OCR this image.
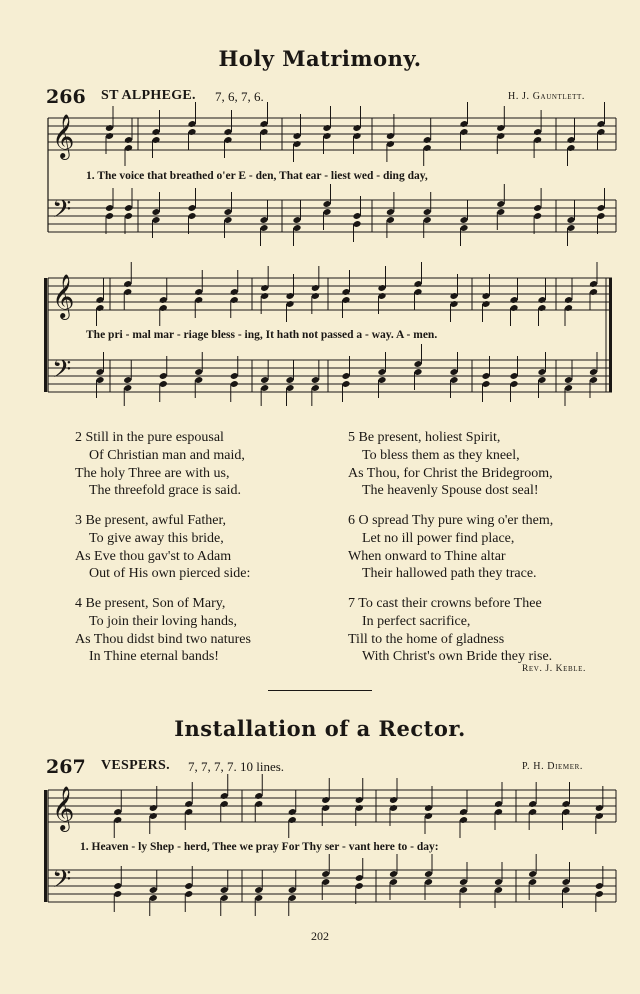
Holy Matrimony.
266 ST ALPHEGE. 7, 6, 7, 6.	H. J. Gauntlett.
𝄞
𝄢
𝄞
𝄢
𝄞
𝄢
1. The voice that breathed o'er E - den, That ear - liest wed - ding day,
The pri - mal mar - riage bless - ing, It hath not passed a - way. A - men.
2 Still in the pure espousal
Of Christian man and maid,
The holy Three are with us,
The threefold grace is said.
3 Be present, awful Father,
To give away this bride,
As Eve thou gav'st to Adam
Out of His own pierced side:
4 Be present, Son of Mary,
To join their loving hands,
As Thou didst bind two natures
In Thine eternal bands!
5 Be present, holiest Spirit,
To bless them as they kneel,
As Thou, for Christ the Bridegroom,
The heavenly Spouse dost seal!
6 O spread Thy pure wing o'er them,
Let no ill power find place,
When onward to Thine altar
Their hallowed path they trace.
7 To cast their crowns before Thee
In perfect sacrifice,
Till to the home of gladness
With Christ's own Bride they rise.
Rev. J. Keble.
Installation of a Rector.
267 VESPERS. 7, 7, 7, 7. 10 lines.	P. H. Diemer.
1. Heaven - ly Shep - herd, Thee we pray For Thy ser - vant here to - day:
202
